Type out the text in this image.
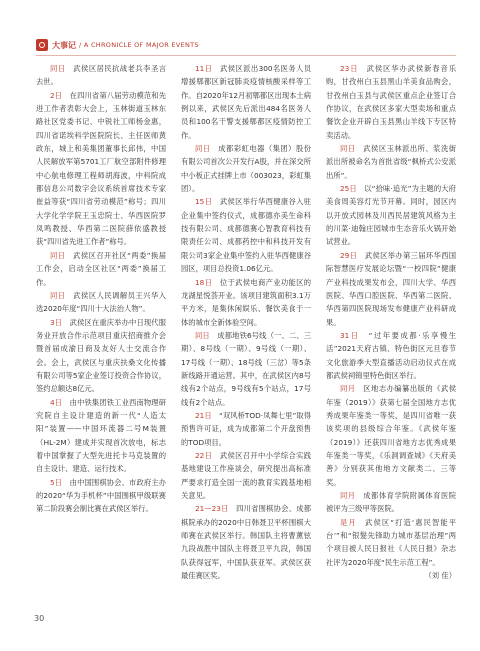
大事记 / A CHRONICLE OF MAJOR EVENTS

同日　 武侯区居民抗战老兵李圣言去世。

2日　 在四川省第八届劳动模范和先进工作者表彰大会上，玉林街道玉林东路社区党委书记、中锐社工师杨金惠，四川省诺埃科学医院院长、主任医师黄政东，城上和美集团董事长邱伟，中国人民解放军第5701工厂航空部附件修理中心航电修理工程师胡海波，中科院成都信息公司数字会议系统首席技术专家崔益等获“四川省劳动模范”称号；四川大学化学学院王玉忠院士、华西医院罗凤鸣教授、华西第二医院薛依盛教授获“四川省先进工作者”称号。

同日　 武侯区召开社区“两委”换届工作会，启动全区社区“两委”换届工作。

同日　 武侯区人民调解员王兴华入选2020年度“四川十大法治人物”。

3日　 武侯区在重庆举办中日现代服务业开放合作示范项目重庆招商推介会暨首届成渝日商及友好人士交流合作会。会上，武侯区与重庆扶桑文化传播有限公司等5家企业签订投资合作协议，签约总额达8亿元。

4日　 由中铁集团铁工业西南物理研究院自主设计建造的新一代“人造太阳”装置——中国环流器二号M装置（HL-2M）建成并实现首次放电，标志着中国掌握了大型先进托卡马克装置的自主设计、建造、运行技术。

5日　 由中国围棋协会、市政府主办的2020“华为手机杯”中国围棋甲级联赛第二阶段赛会制比赛在武侯区举行。

11日　 武侯区派出300名医务人员增援郫都区新冠肺炎疫情核酸采样等工作。自2020年12月初郫都区出现本土病例以来，武侯区先后派出484名医务人员和100名干警支援郫都区疫情防控工作。

同日　 成都彩虹电器（集团）股份有限公司首次公开发行A股，并在深交所中小板正式挂牌上市（003023，彩虹集团）。

15日　 武侯区举行华西健康谷入驻企业集中签约仪式，成都德亦美生命科技有限公司、成都德赛心智教育科技有限责任公司、成都药控中和科技开发有限公司3家企业集中签约入驻华西健康谷园区，项目总投资1.06亿元。

18日　 位于武侯电商产业功能区的龙湖星悦荟开业。该项目建筑面积3.1万平方米，是集休闲娱乐、餐饮美食于一体的城市全新体验空间。

同日　 成都地铁6号线（一、二、三期）、8号线（一期）、9号线（一期）、17号线（一期）、18号线（三岔）等5条新线路开通运营。其中，在武侯区内8号线有2个站点，9号线有5个站点，17号线有2个站点。

21日　 “双风桥TOD·凤舞七里”取得预售许可证，成为成都第二个开盘预售的TOD项目。

22日　 武侯区召开中小学综合实践基地建设工作座谈会，研究提出高标准严要求打造全国一流的教育实践基地相关意见。

21—23日　 四川省围棋协会、成都棋院承办的2020中日韩聂卫平杯围棋大师赛在武侯区举行。韩国队主将曹薰铉九段战胜中国队主将聂卫平九段，韩国队获得冠军，中国队获亚军。武侯区获最佳赛区奖。

23日　 武侯区华办武侯新春音乐购，甘孜州白玉县黑山羊美食品购会，甘孜州白玉县与武侯区重点企业签订合作协议，在武侯区多家大型卖场和重点餐饮企业开辟白玉县黑山羊线下专区特卖活动。

同日　 武侯区玉林派出所、浆洗街派出所被命名为首批省级“枫桥式公安派出所”。

25日　 以“拾味·追光”为主题的大府美食周美容灯光节开幕。同时，园区内以开放式园林及川西民居建筑风格为主的川菜·迪翰庄园城市生态音乐火锅开始试营业。

29日　 武侯区举办第三届环华西国际智慧医疗发展论坛暨“一校四院”健康产业科技成果发布会，四川大学、华西医院、华西口腔医院、华西第二医院、华西第四医院现场发布健康产业科研成果。

31日　 “过年要成都·乐享慢生活”2021天府古镇、特色街区元旦春节文化旅游季大型直播活动启动仪式在成都武侯祠锦里特色街区举行。

同月　 区地志办编纂出版的《武侯年鉴（2019）》获第七届全国地方志优秀成果年鉴类一等奖，是四川省唯一获该奖项的县级综合年鉴。《武侯年鉴（2019）》还获四川省地方志优秀成果年鉴类一等奖，《乐洞调查城》《天府美善》分别获其他地方文献类二、三等奖。

同月　 成都体育学院附属体育医院被评为三级甲等医院。

是月　 武侯区“打造‘惠民智能平台’”和“银髮先锋助力城市基层治理”两个项目被人民日报社《人民日报》杂志社评为2020年度“民生示范工程”。

（刘 佳）

30
